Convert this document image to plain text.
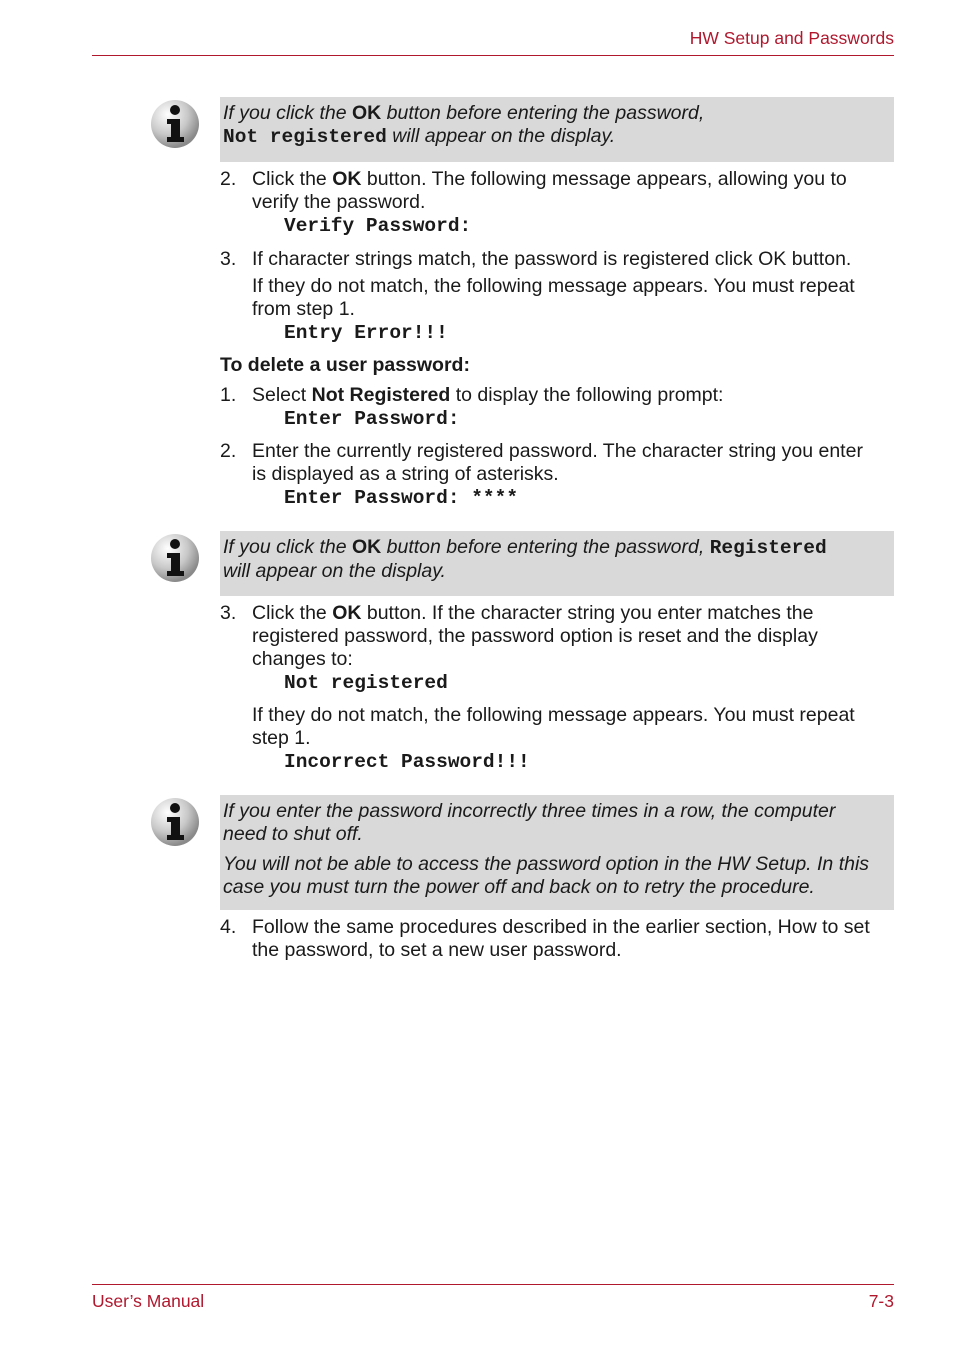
HW Setup and Passwords

If you click the OK button before entering the password,

Not registered will appear on the display.

2. Click the OK button. The following message appears, allowing you to
verify the password.
Verify Password:
3. If character strings match, the password is registered click OK button.
If they do not match, the following message appears. You must repeat
from step 1.
Entry Error!!!
To delete a user password:
1. Select Not Registered to display the following prompt:
Enter Password:
2. Enter the currently registered password. The character string you enter
is displayed as a string of asterisks.
Enter Password: ****

If you click the OK button before entering the password, Registered

will appear on the display.

3. Click the OK button. If the character string you enter matches the
registered password, the password option is reset and the display
changes to:
Not registered
If they do not match, the following message appears. You must repeat
step 1.
Incorrect Password!!!

If you enter the password incorrectly three times in a row, the computer

need to shut off.

You will not be able to access the password option in the HW Setup. In this

case you must turn the power off and back on to retry the procedure.

4. Follow the same procedures described in the earlier section, How to set
the password, to set a new user password.
User’s Manual	7-3
